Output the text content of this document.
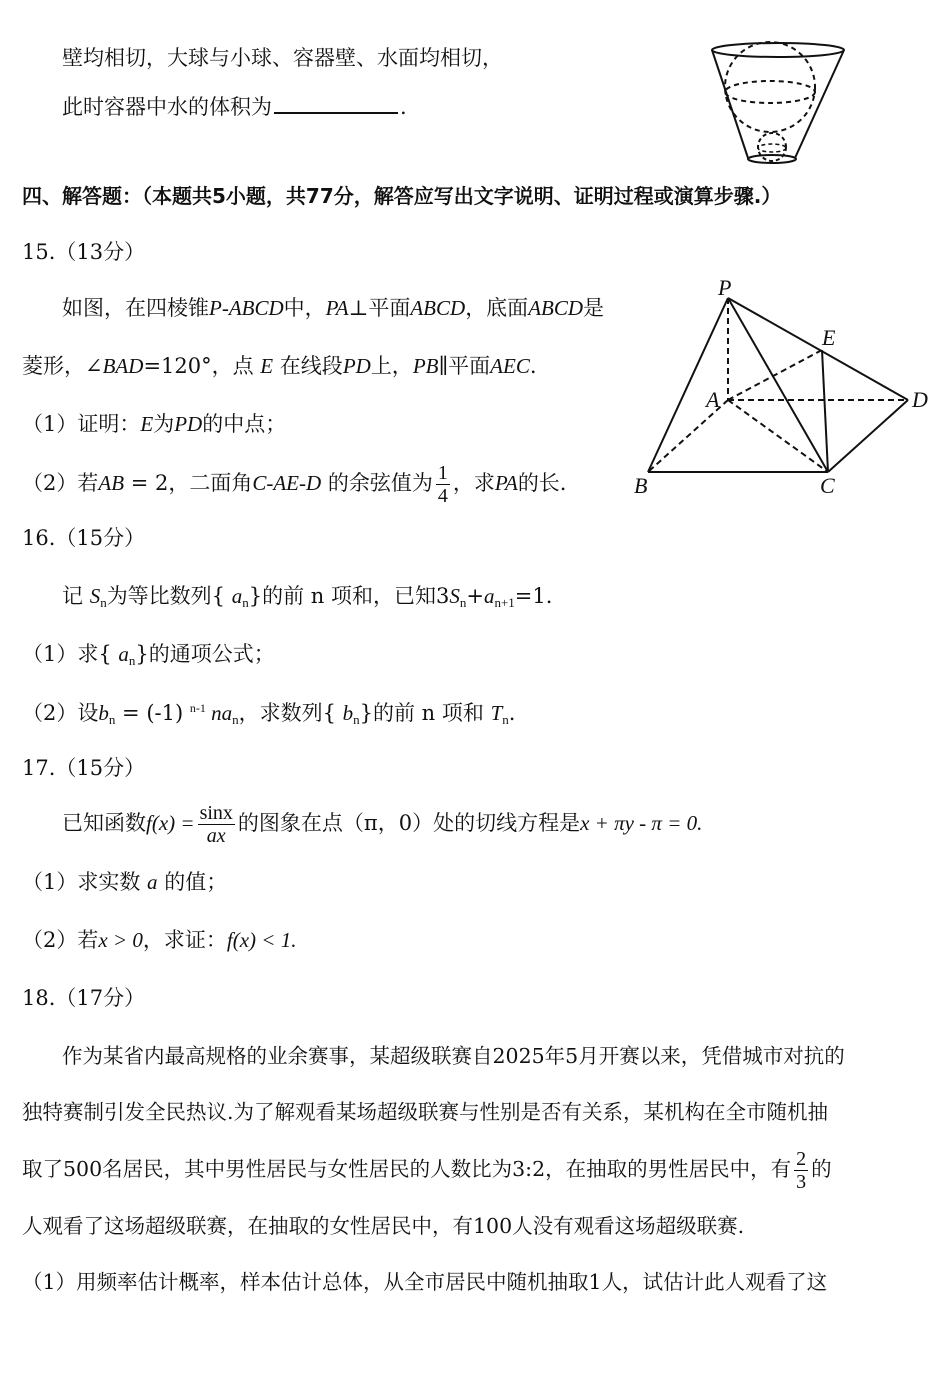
壁均相切，大球与小球、容器壁、水面均相切，
此时容器中水的体积为	.
四、解答题：（本题共5小题，共77分，解答应写出文字说明、证明过程或演算步骤.）
15.（13分）
如图，在四棱锥P-ABCD中，PA⊥平面ABCD，底面ABCD是
菱形，∠BAD=120°，点 E 在线段PD上，PB∥平面AEC.
（1）证明：E为PD的中点；
（2）若AB = 2，二面角C-AE-D 的余弦值为 $\frac{1}{4}$ ，求PA的长.
P
A
B	C
D
E
16.（15分）
记 $S_n$为等比数列{ $a_n$}的前 n 项和，已知$3S_n+a_{n+1}=1$.
（1）求{ $a_n$}的通项公式；
（2）设$b_n = (-1)$ $^{n-1}$ $na_n$，求数列{ $b_n$}的前 n 项和 $T_n$.
17.（15分）
已知函数$f(x) = \frac{\sin x}{ax}$ 的图象在点（π，0）处的切线方程是x + πy - π = 0.
（1）求实数 a 的值；
（2）若x > 0，求证：f(x) < 1.
18.（17分）
作为某省内最高规格的业余赛事，某超级联赛自2025年5月开赛以来，凭借城市对抗的
独特赛制引发全民热议.为了解观看某场超级联赛与性别是否有关系，某机构在全市随机抽
取了500名居民，其中男性居民与女性居民的人数比为3:2，在抽取的男性居民中，有 $\frac{2}{3}$ 的
人观看了这场超级联赛，在抽取的女性居民中，有100人没有观看这场超级联赛.
（1）用频率估计概率，样本估计总体，从全市居民中随机抽取1人，试估计此人观看了这
